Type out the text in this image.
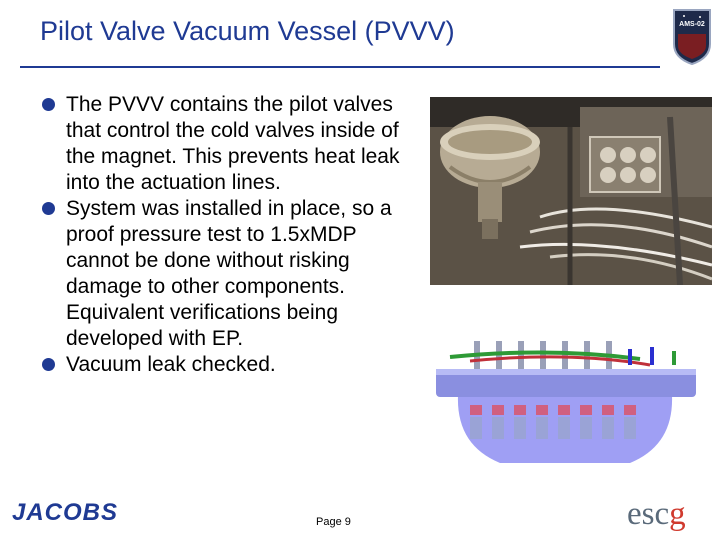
Pilot Valve Vacuum Vessel (PVVV)	AMS-02

The PVVV contains the pilot valves that control the cold valves inside of the magnet. This prevents heat leak into the actuation lines.

System was installed in place, so a proof pressure test to 1.5xMDP cannot be done without risking damage to other components. Equivalent verifications being developed with EP.

Vacuum leak checked.

JACOBS	Page 9	escg
